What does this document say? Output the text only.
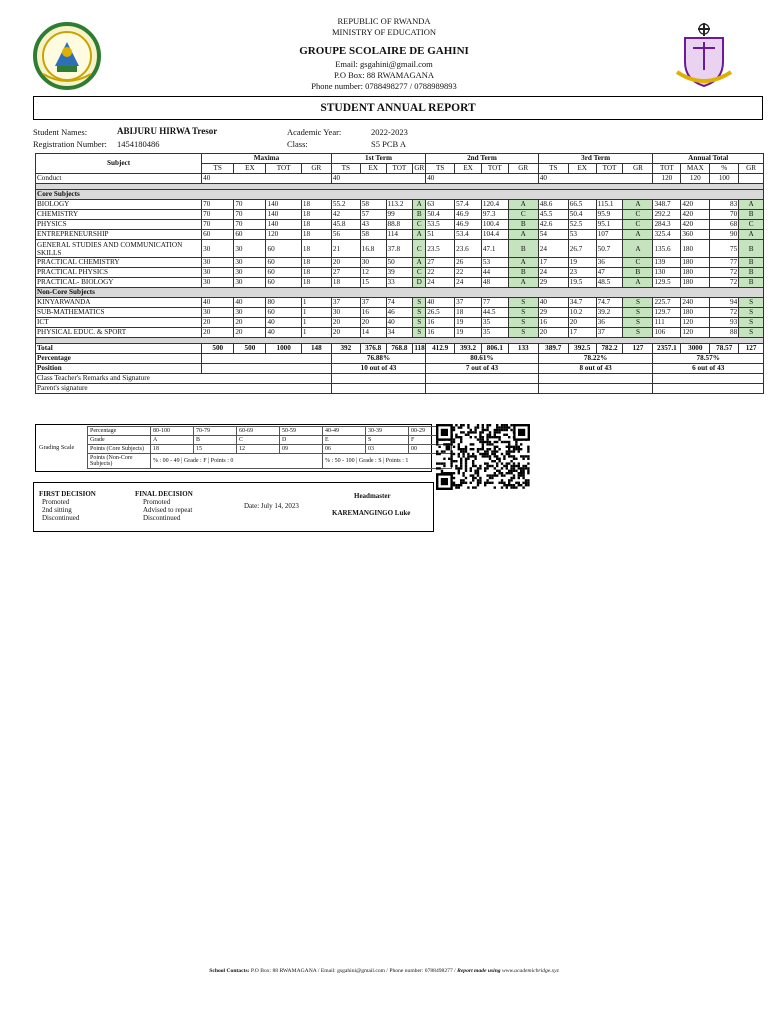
REPUBLIC OF RWANDA
MINISTRY OF EDUCATION
GROUPE SCOLAIRE DE GAHINI
Email: gsgahini@gmail.com
P.O Box: 88 RWAMAGANA
Phone number: 0788498277 / 0788989893
STUDENT ANNUAL REPORT
Student Names:	ABIJURU HIRWA Tresor
Registration Number: 1454180486
Academic Year:	2022-2023
Class:	S5 PCB A
Subject	Maxima				1st Term				2nd Term				3rd Term				Annual Total			
	TS	EX	TOT	GR	TS	EX	TOT	GR	TS	EX	TOT	GR	TS	EX	TOT	GR	TOT	MAX	%	GR
Conduct	40				40				40				40				120	120	100	

Core Subjects																				
BIOLOGY	70	70	140	18	55.2	58	113.2	A	63	57.4	120.4	A	48.6	66.5	115.1	A	348.7	420	83	A
CHEMISTRY	70	70	140	18	42	57	99	B	50.4	46.9	97.3	C	45.5	50.4	95.9	C	292.2	420	70	B
PHYSICS	70	70	140	18	45.8	43	88.8	C	53.5	46.9	100.4	B	42.6	52.5	95.1	C	284.3	420	68	C
ENTREPRENEURSHIP	60	60	120	18	56	58	114	A	51	53.4	104.4	A	54	53	107	A	325.4	360	90	A
GENERAL STUDIES AND COMMUNICATION SKILLS	30	30	60	18	21	16.8	37.8	C	23.5	23.6	47.1	B	24	26.7	50.7	A	135.6	180	75	B
PRACTICAL CHEMISTRY	30	30	60	18	20	30	50	A	27	26	53	A	17	19	36	C	139	180	77	B
PRACTICAL PHYSICS	30	30	60	18	27	12	39	C	22	22	44	B	24	23	47	B	130	180	72	B
PRACTICAL- BIOLOGY	30	30	60	18	18	15	33	D	24	24	48	A	29	19.5	48.5	A	129.5	180	72	B
Non-Core Subjects																				
KINYARWANDA	40	40	80	1	37	37	74	S	40	37	77	S	40	34.7	74.7	S	225.7	240	94	S
SUB-MATHEMATICS	30	30	60	1	30	16	46	S	26.5	18	44.5	S	29	10.2	39.2	S	129.7	180	72	S
ICT	20	20	40	1	20	20	40	S	16	19	35	S	16	20	36	S	111	120	93	S
PHYSICAL EDUC. & SPORT	20	20	40	1	20	14	34	S	16	19	35	S	20	17	37	S	106	120	88	S

Total	500	500	1000	148	392	376.8	768.8	118	412.9	393.2	806.1	133	389.7	392.5	782.2	127	2357.1	3000	78.57	127
Percentage					76.88%				80.61%				78.22%				78.57%			
Position					10 out of 43				7 out of 43				8 out of 43				6 out of 43			
Class Teacher's Remarks and Signature																				
Parent's signature																				
Grading Scale
Percentage	80-100	70-79	60-69	50-59	40-49	30-39	00-29
Grade	A	B	C	D	E	S	F
Points (Core Subjects)	18	15	12	09	06	03	00
Points (Non-Core Subjects)	% : 00 - 49 | Grade : F | Points : 0				% : 50 - 100 | Grade : S | Points : 1		
FIRST DECISION
Promoted
2nd sitting
Discontinued
FINAL DECISION
Promoted
Advised to repeat
Discontinued
Date: July 14, 2023
Headmaster
KAREMANGINGO Luke
School Contacts: P.O Box: 88 RWAMAGANA / Email: gsgahini@gmail.com / Phone number: 0788498277 / Report made using www.academicbridge.xyz
